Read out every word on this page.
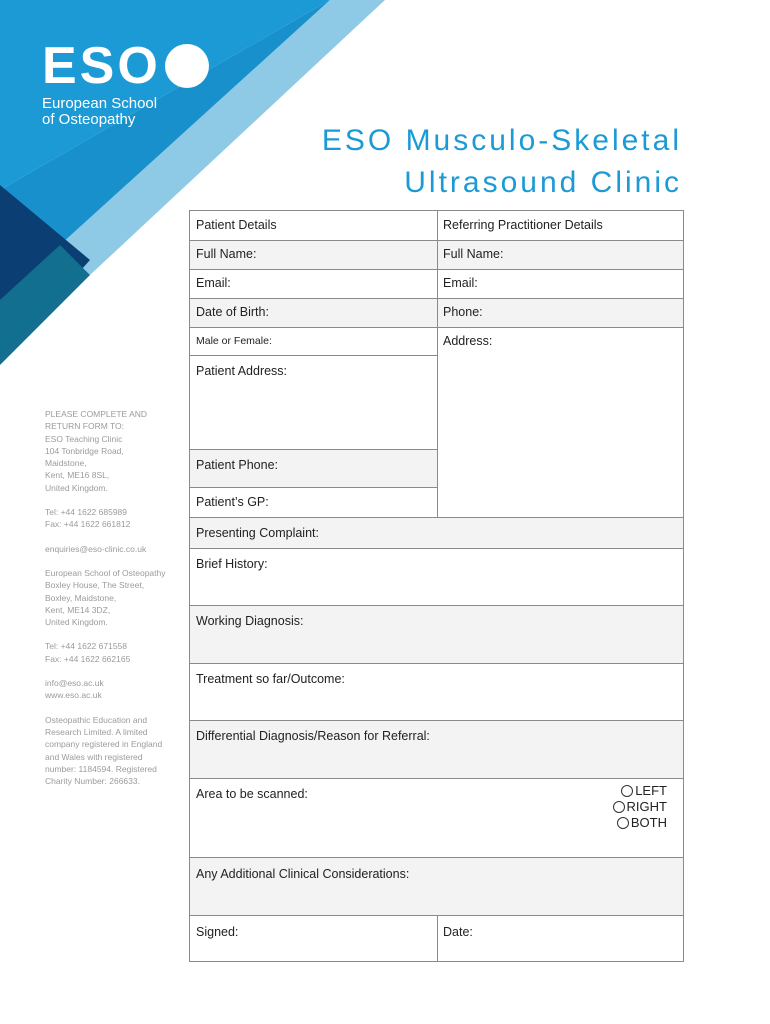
ESO
European School
of Osteopathy
ESO Musculo-Skeletal
Ultrasound Clinic

PLEASE COMPLETE AND
RETURN FORM TO:
ESO Teaching Clinic
104 Tonbridge Road,
Maidstone,
Kent, ME16 8SL,
United Kingdom.

Tel: +44 1622 685989
Fax: +44 1622 661812

enquiries@eso-clinic.co.uk

European School of Osteopathy
Boxley House, The Street,
Boxley, Maidstone,
Kent, ME14 3DZ,
United Kingdom.

Tel: +44 1622 671558
Fax: +44 1622 662165

info@eso.ac.uk
www.eso.ac.uk

Osteopathic Education and
Research Limited. A limited
company registered in England
and Wales with registered
number: 1184594. Registered
Charity Number: 266633.

Patient Details	Referring Practitioner Details
Full Name:	Full Name:
Email:	Email:
Date of Birth:	Phone:
Male or Female:	Address:
Patient Address:
Patient Phone:
Patient’s GP:
Presenting Complaint:
Brief History:
Working Diagnosis:
Treatment so far/Outcome:
Differential Diagnosis/Reason for Referral:
Area to be scanned:	LEFT
RIGHT
BOTH
Any Additional Clinical Considerations:
Signed:	Date:
